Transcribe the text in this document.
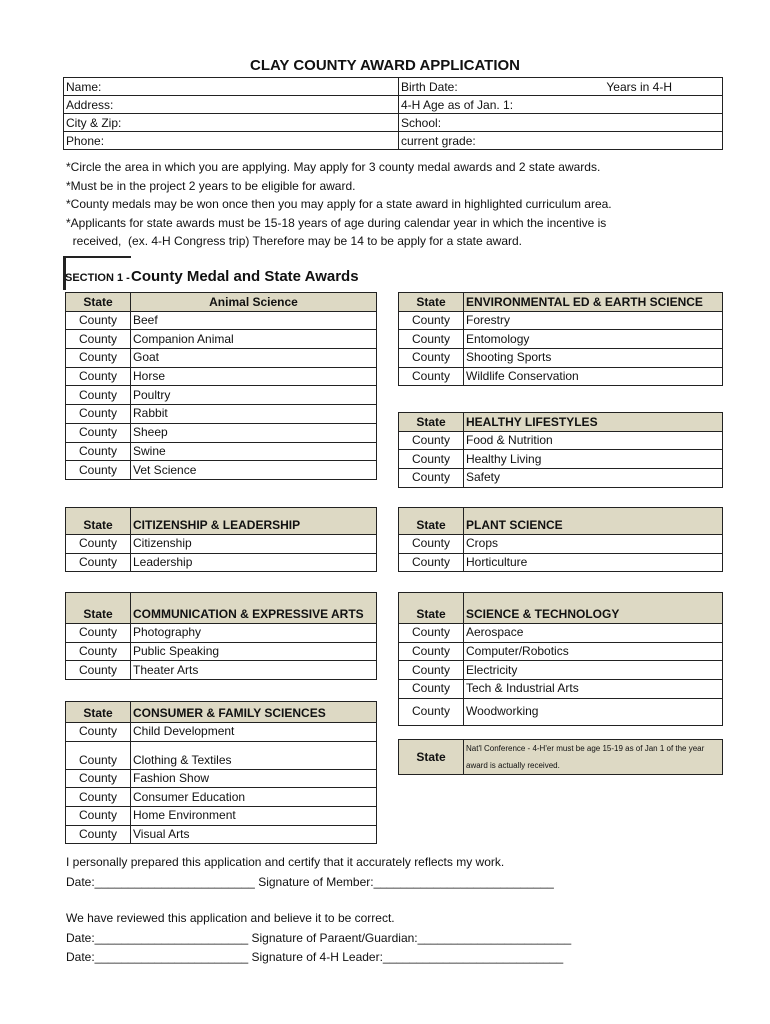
CLAY COUNTY AWARD APPLICATION
Name:	Birth Date: Years in 4-H

Address:	4-H Age as of Jan. 1:
City & Zip:	School:
Phone:	current grade:
*Circle the area in which you are applying. May apply for 3 county medal awards and 2 state awards.
*Must be in the project 2 years to be eligible for award.
*County medals may be won once then you may apply for a state award in highlighted curriculum area.
*Applicants for state awards must be 15-18 years of age during calendar year in which the incentive is
received,  (ex. 4-H Congress trip) Therefore may be 14 to be apply for a state award.
SECTION 1 - County Medal and State Awards
State	Animal Science
County	Beef
County	Companion Animal
County	Goat
County	Horse
County	Poultry
County	Rabbit
County	Sheep
County	Swine
County	Vet Science
State	ENVIRONMENTAL ED & EARTH SCIENCE
County	Forestry
County	Entomology
County	Shooting Sports
County	Wildlife Conservation
State	HEALTHY LIFESTYLES
County	Food & Nutrition
County	Healthy Living
County	Safety
State	CITIZENSHIP & LEADERSHIP
County	Citizenship
County	Leadership
State	PLANT SCIENCE
County	Crops
County	Horticulture
State	COMMUNICATION & EXPRESSIVE ARTS
County	Photography
County	Public Speaking
County	Theater Arts
State	SCIENCE & TECHNOLOGY
County	Aerospace
County	Computer/Robotics
County	Electricity
County	Tech & Industrial Arts
County	Woodworking
State	CONSUMER & FAMILY SCIENCES
County	Child Development
County	Clothing & Textiles
County	Fashion Show
County	Consumer Education
County	Home Environment
County	Visual Arts
State	Nat'l Conference - 4-H'er must be age 15-19 as of Jan 1 of the year award is actually received.
I personally prepared this application and certify that it accurately reflects my work.
Date:________________________ Signature of Member:___________________________
We have reviewed this application and believe it to be correct.
Date:_______________________ Signature of Paraent/Guardian:_______________________
Date:_______________________ Signature of 4-H Leader:___________________________
